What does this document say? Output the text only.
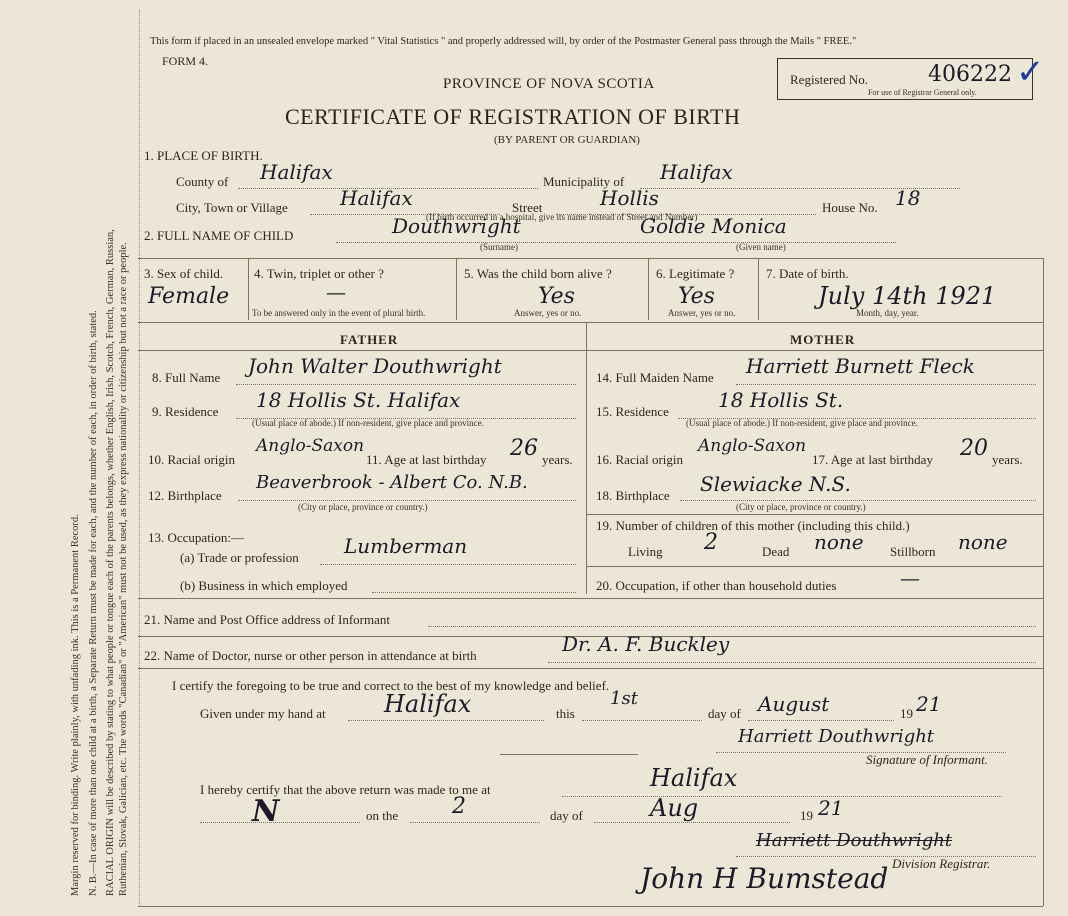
Margin reserved for binding. Write plainly, with unfading ink. This is a Permanent Record. N. B.—In case of more than one child at a birth, a Separate Return must be made for each, and the number of each, in order of birth, stated. RACIAL ORIGIN will be described by stating to what people or tongue each of the parents belongs, whether English, Irish, Scotch, French, German, Russian, Ruthenian, Slovak, Galician, etc. The words "Canadian" or "American" must not be used, as they express nationality or citizenship but not a race or people.
This form if placed in an unsealed envelope marked " Vital Statistics " and properly addressed will, by order of the Postmaster General pass through the Mails " FREE."
FORM 4.
Registered No.	406222
For use of Registrar General only.
✓
PROVINCE OF NOVA SCOTIA
CERTIFICATE OF REGISTRATION OF BIRTH
(BY PARENT OR GUARDIAN)
1. PLACE OF BIRTH.
County of Halifax	Municipality of Halifax
City, Town or Village	Halifax	Street	Hollis	House No. 18
(If birth occurred in a hospital, give its name instead of Street and Number)
2. FULL NAME OF CHILD	Douthwright	Goldie Monica
(Surname)	(Given name)
3. Sex of child.
Female
4. Twin, triplet or other ?
—
To be answered only in the event of plural birth.
5. Was the child born alive ?
Yes
Answer, yes or no.
6. Legitimate ?
Yes
Answer, yes or no.
7. Date of birth.
July 14th 1921
Month, day, year.
FATHER
8. Full Name John Walter Douthwright
9. Residence 18 Hollis St. Halifax
(Usual place of abode.) If non-resident, give place and province.
10. Racial origin
Anglo-Saxon
11. Age at last birthday 26 years.
12. Birthplace
Beaverbrook - Albert Co. N.B.
(City or place, province or country.)
13. Occupation:—
(a) Trade or profession Lumberman
(b) Business in which employed
MOTHER
14. Full Maiden Name Harriett Burnett Fleck
15. Residence 18 Hollis St.
(Usual place of abode.) If non-resident, give place and province.
16. Racial origin
Anglo-Saxon
17. Age at last birthday 20 years.
18. Birthplace Slewiacke N.S.
(City or place, province or country.)
19. Number of children of this mother (including this child.)
Living 2	Dead none Stillborn none
20. Occupation, if other than household duties	—
21. Name and Post Office address of Informant
22. Name of Doctor, nurse or other person in attendance at birth	Dr. A. F. Buckley
I certify the foregoing to be true and correct to the best of my knowledge and belief.
Given under my hand at Halifax	this
1st
day of August	19 21
Harriett Douthwright
Signature of Informant.
I hereby certify that the above return was made to me at	Halifax
N	on the 2	day of	Aug	19 21
Harriett Douthwright
Division Registrar.
John H Bumstead
